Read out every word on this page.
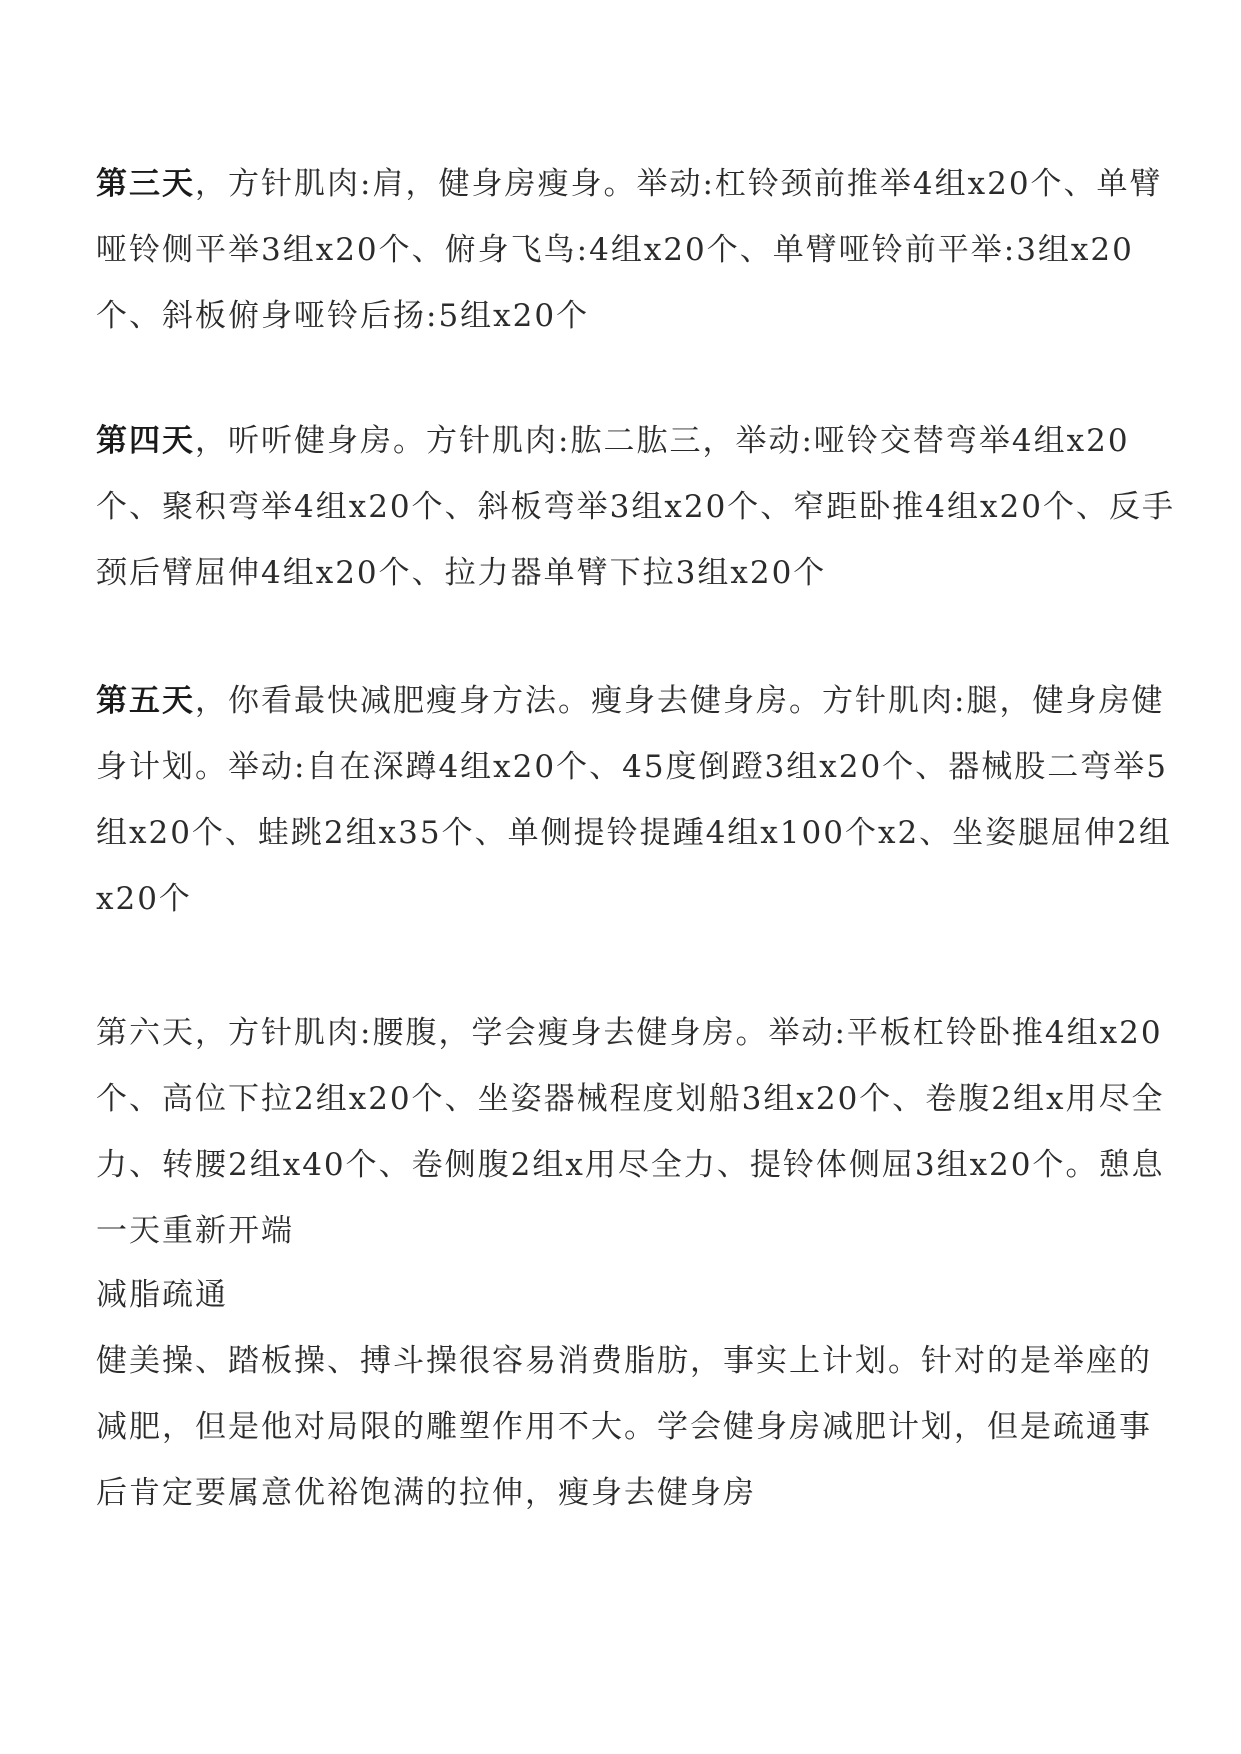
第三天，方针肌肉:肩，健身房瘦身。举动:杠铃颈前推举4组x20个、单臂哑铃侧平举3组x20个、俯身飞鸟:4组x20个、单臂哑铃前平举:3组x20个、斜板俯身哑铃后扬:5组x20个

第四天，听听健身房。方针肌肉:肱二肱三，举动:哑铃交替弯举4组x20个、聚积弯举4组x20个、斜板弯举3组x20个、窄距卧推4组x20个、反手颈后臂屈伸4组x20个、拉力器单臂下拉3组x20个

第五天，你看最快减肥瘦身方法。瘦身去健身房。方针肌肉:腿，健身房健身计划。举动:自在深蹲4组x20个、45度倒蹬3组x20个、器械股二弯举5组x20个、蛙跳2组x35个、单侧提铃提踵4组x100个x2、坐姿腿屈伸2组x20个

第六天，方针肌肉:腰腹，学会瘦身去健身房。举动:平板杠铃卧推4组x20个、高位下拉2组x20个、坐姿器械程度划船3组x20个、卷腹2组x用尽全力、转腰2组x40个、卷侧腹2组x用尽全力、提铃体侧屈3组x20个。憩息一天重新开端

减脂疏通

健美操、踏板操、搏斗操很容易消费脂肪，事实上计划。针对的是举座的减肥，但是他对局限的雕塑作用不大。学会健身房减肥计划，但是疏通事后肯定要属意优裕饱满的拉伸，瘦身去健身房
